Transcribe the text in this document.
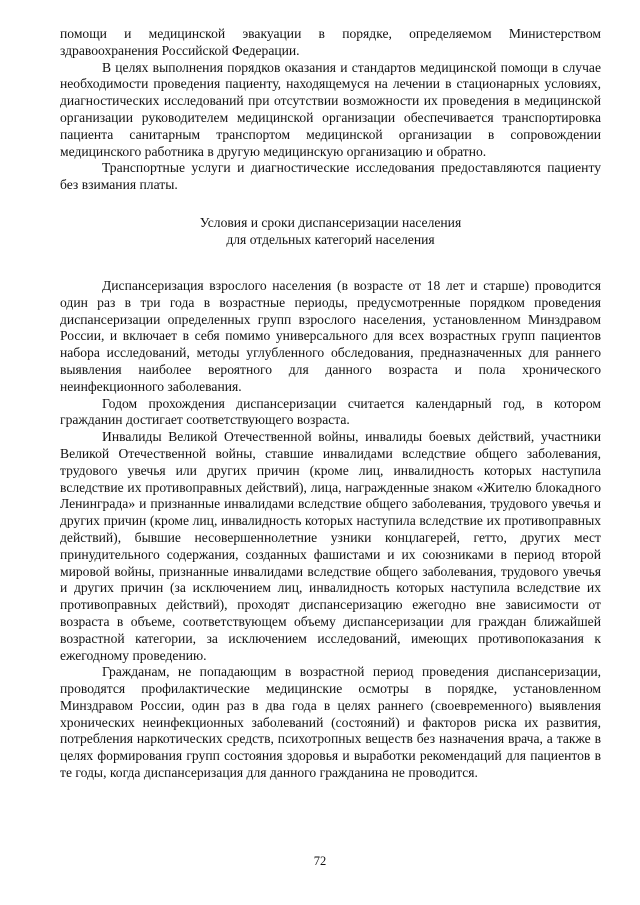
помощи и медицинской эвакуации в порядке, определяемом Министерством здравоохранения Российской Федерации.

В целях выполнения порядков оказания и стандартов медицинской помощи в случае необходимости проведения пациенту, находящемуся на лечении в стационарных условиях, диагностических исследований при отсутствии возможности их проведения в медицинской организации руководителем медицинской организации обеспечивается транспортировка пациента санитарным транспортом медицинской организации в сопровождении медицинского работника в другую медицинскую организацию и обратно.

Транспортные услуги и диагностические исследования предоставляются пациенту без взимания платы.

Условия и сроки диспансеризации населения
для отдельных категорий населения

Диспансеризация взрослого населения (в возрасте от 18 лет и старше) проводится один раз в три года в возрастные периоды, предусмотренные порядком проведения диспансеризации определенных групп взрослого населения, установленном Минздравом России, и включает в себя помимо универсального для всех возрастных групп пациентов набора исследований, методы углубленного обследования, предназначенных для раннего выявления наиболее вероятного для данного возраста и пола хронического неинфекционного заболевания.

Годом прохождения диспансеризации считается календарный год, в котором гражданин достигает соответствующего возраста.

Инвалиды Великой Отечественной войны, инвалиды боевых действий, участники Великой Отечественной войны, ставшие инвалидами вследствие общего заболевания, трудового увечья или других причин (кроме лиц, инвалидность которых наступила вследствие их противоправных действий), лица, награжденные знаком «Жителю блокадного Ленинграда» и признанные инвалидами вследствие общего заболевания, трудового увечья и других причин (кроме лиц, инвалидность которых наступила вследствие их противоправных действий), бывшие несовершеннолетние узники концлагерей, гетто, других мест принудительного содержания, созданных фашистами и их союзниками в период второй мировой войны, признанные инвалидами вследствие общего заболевания, трудового увечья и других причин (за исключением лиц, инвалидность которых наступила вследствие их противоправных действий), проходят диспансеризацию ежегодно вне зависимости от возраста в объеме, соответствующем объему диспансеризации для граждан ближайшей возрастной категории, за исключением исследований, имеющих противопоказания к ежегодному проведению.

Гражданам, не попадающим в возрастной период проведения диспансеризации, проводятся профилактические медицинские осмотры в порядке, установленном Минздравом России, один раз в два года в целях раннего (своевременного) выявления хронических неинфекционных заболеваний (состояний) и факторов риска их развития, потребления наркотических средств, психотропных веществ без назначения врача, а также в целях формирования групп состояния здоровья и выработки рекомендаций для пациентов в те годы, когда диспансеризация для данного гражданина не проводится.

72
